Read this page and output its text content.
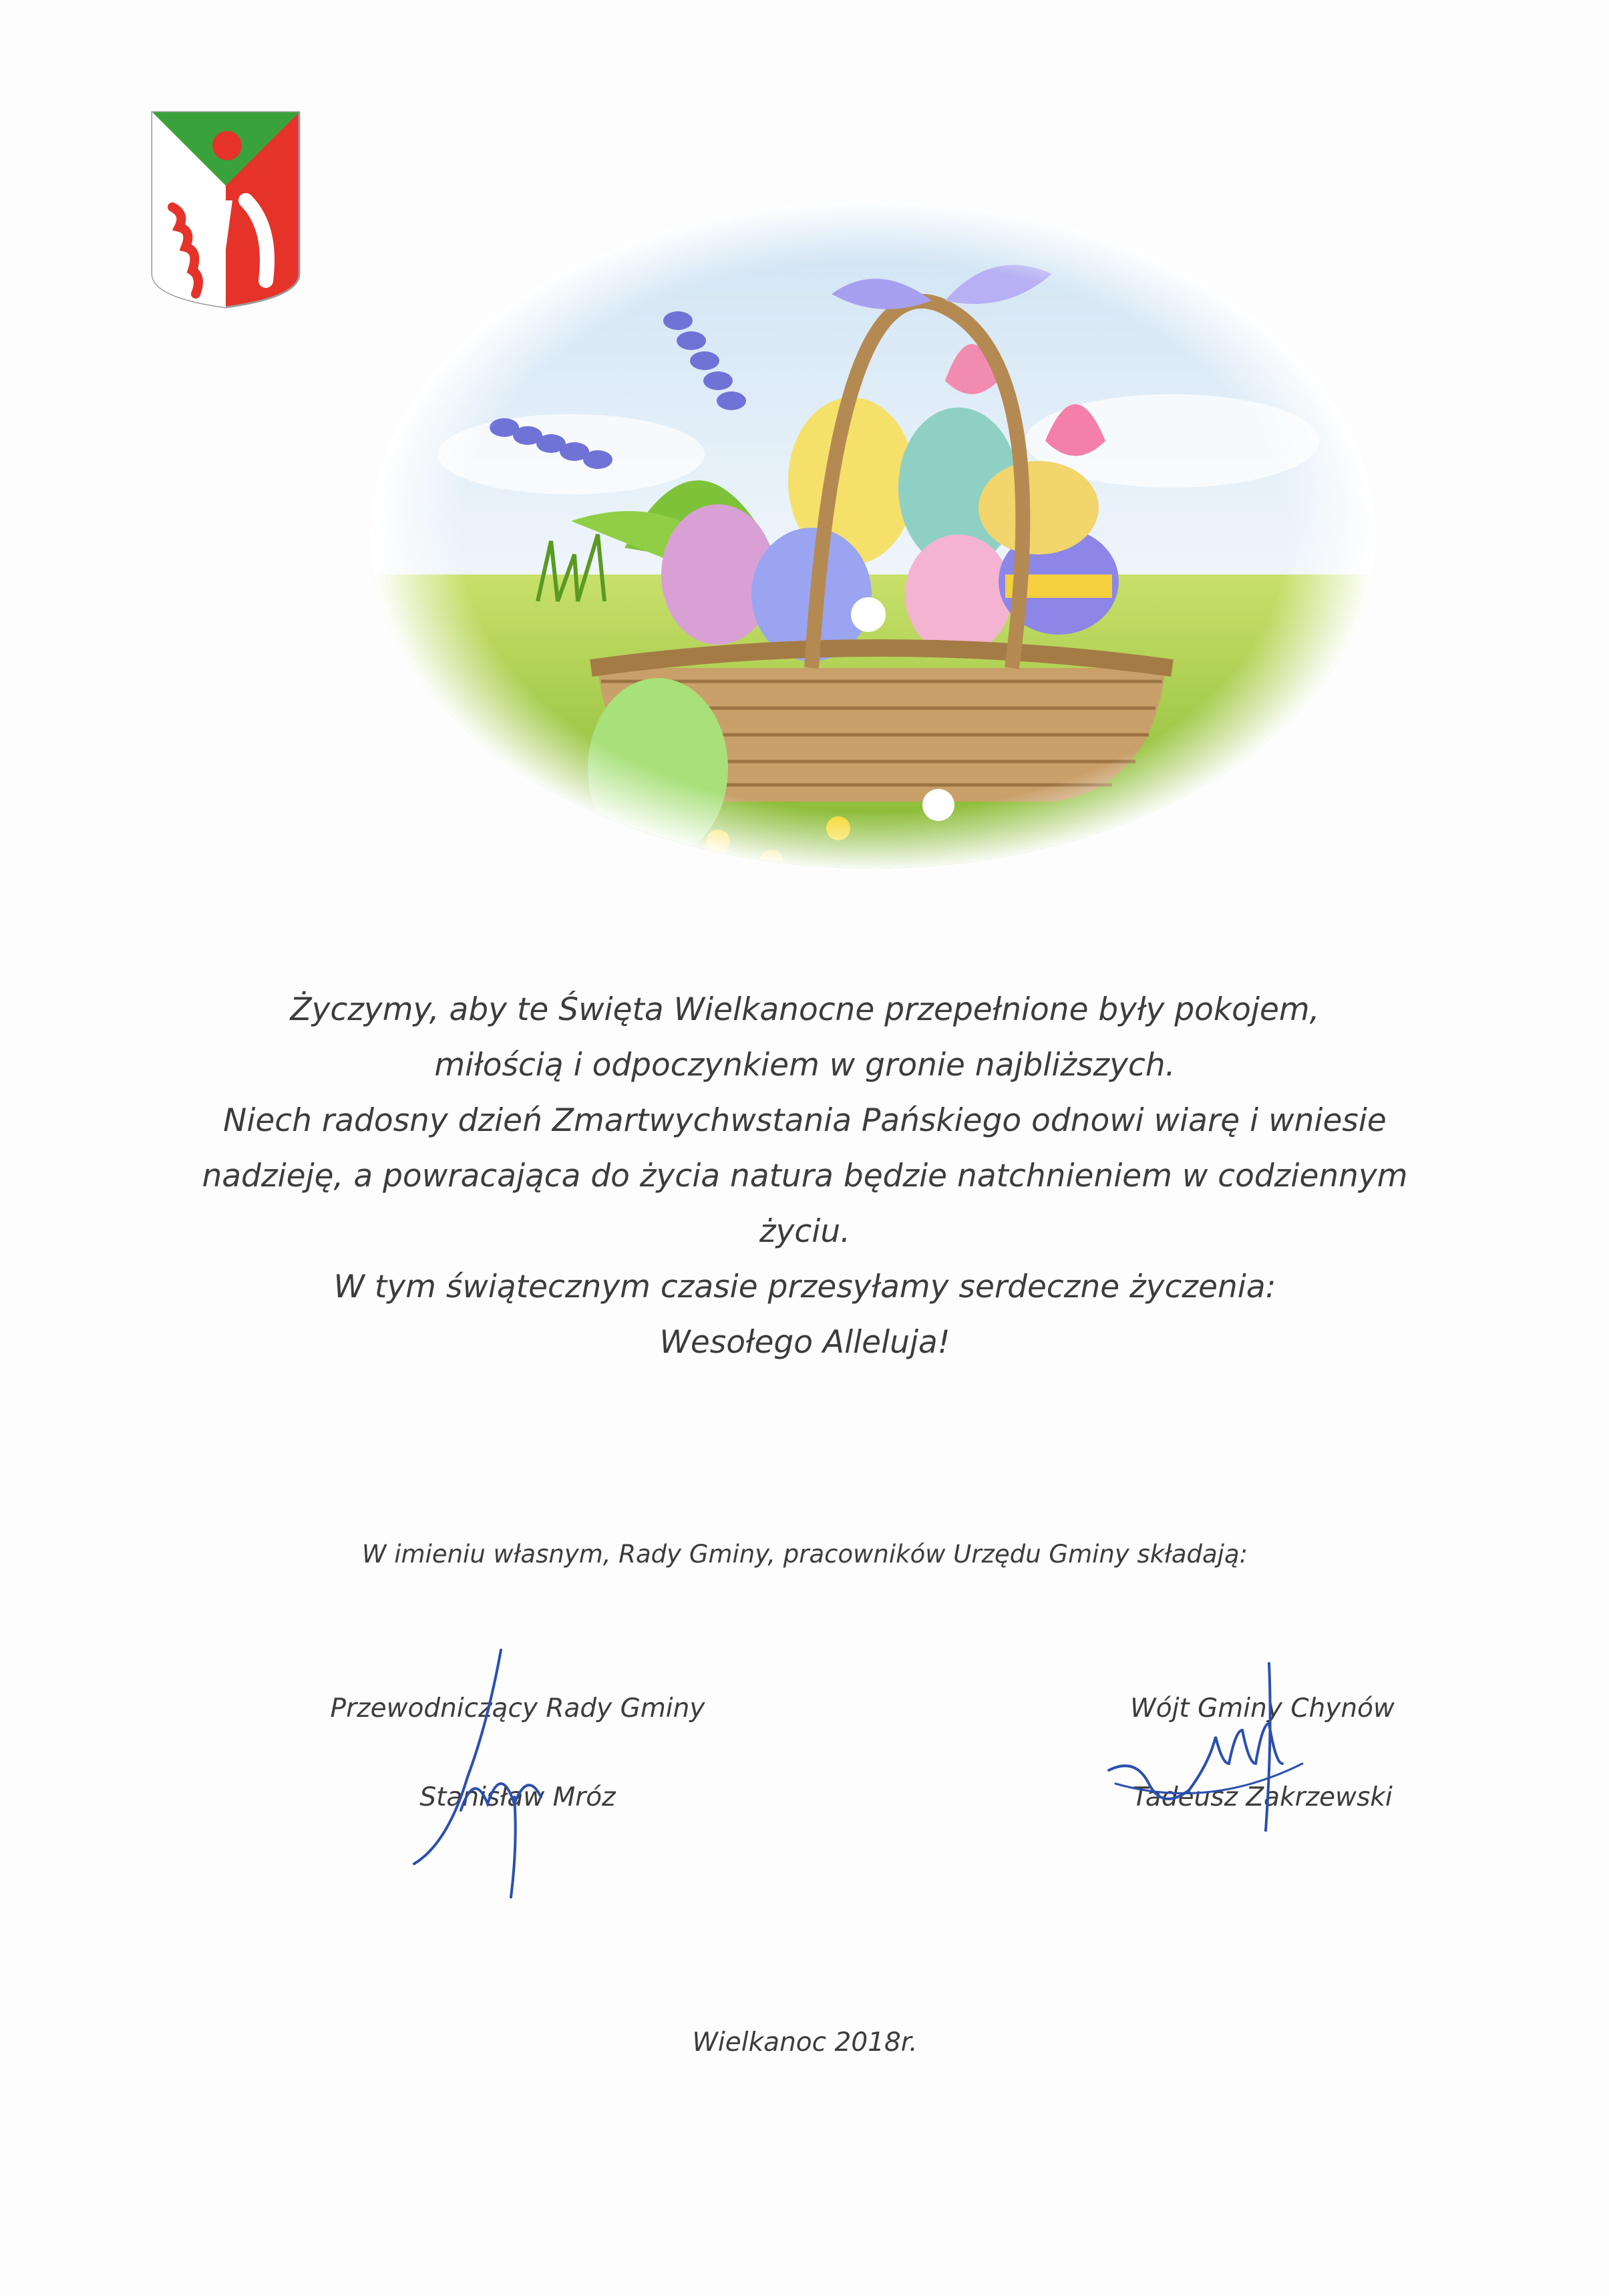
Życzymy, aby te Święta Wielkanocne przepełnione były pokojem,

miłością i odpoczynkiem w gronie najbliższych.

Niech radosny dzień Zmartwychwstania Pańskiego odnowi wiarę i wniesie

nadzieję, a powracająca do życia natura będzie natchnieniem w codziennym

życiu.

W tym świątecznym czasie przesyłamy serdeczne życzenia:

Wesołego Alleluja!

W imieniu własnym, Rady Gminy, pracowników Urzędu Gminy składają:
Przewodniczący Rady Gminy
Stanisław Mróz
Wójt Gminy Chynów
Tadeusz Zakrzewski
Wielkanoc 2018r.
